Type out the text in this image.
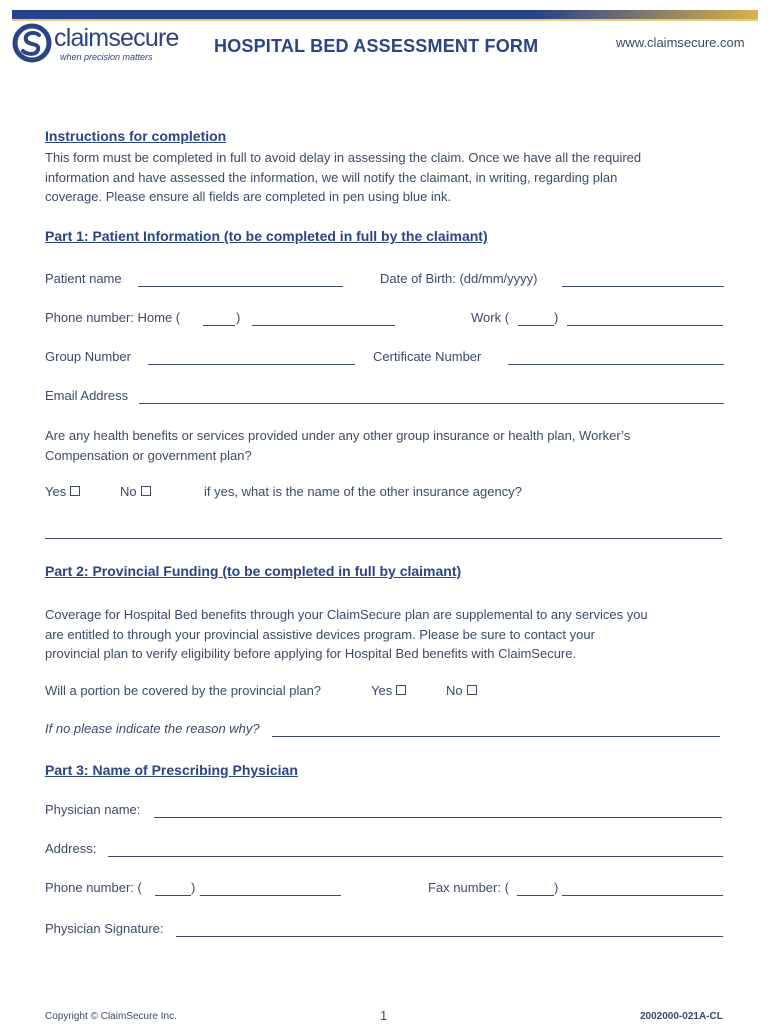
claimsecure
when precision matters
HOSPITAL BED ASSESSMENT FORM	www.claimsecure.com
Instructions for completion
This form must be completed in full to avoid delay in assessing the claim. Once we have all the required
information and have assessed the information, we will notify the claimant, in writing, regarding plan
coverage. Please ensure all fields are completed in pen using blue ink.
Part 1: Patient Information (to be completed in full by the claimant)
Patient name	Date of Birth: (dd/mm/yyyy)
Phone number: Home (	)	Work (	)
Group Number	Certificate Number
Email Address
Are any health benefits or services provided under any other group insurance or health plan, Worker’s
Compensation or government plan?
Yes	No	if yes, what is the name of the other insurance agency?
Part 2: Provincial Funding (to be completed in full by claimant)
Coverage for Hospital Bed benefits through your ClaimSecure plan are supplemental to any services you
are entitled to through your provincial assistive devices program. Please be sure to contact your
provincial plan to verify eligibility before applying for Hospital Bed benefits with ClaimSecure.
Will a portion be covered by the provincial plan?	Yes	No
If no please indicate the reason why?
Part 3: Name of Prescribing Physician
Physician name:
Address:
Phone number: (	)	Fax number: (	)
Physician Signature:
Copyright © ClaimSecure Inc.	1	2002000-021A-CL
